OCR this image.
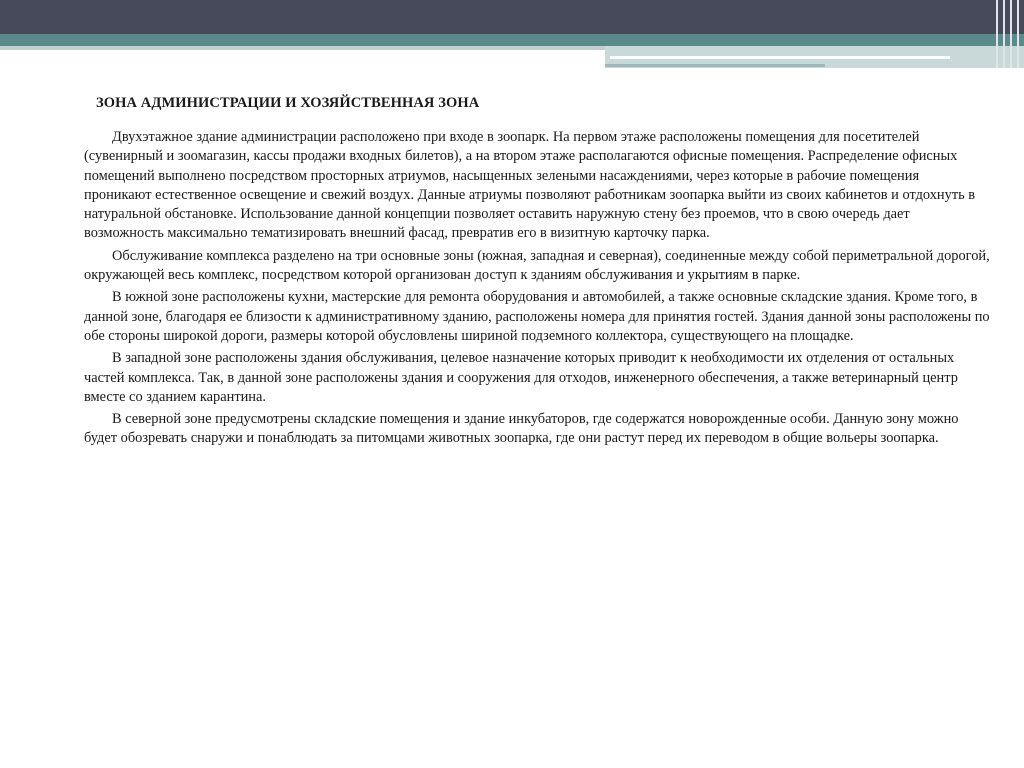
ЗОНА АДМИНИСТРАЦИИ И ХОЗЯЙСТВЕННАЯ ЗОНА

Двухэтажное здание администрации расположено при входе в зоопарк. На первом этаже расположены помещения для посетителей (сувенирный и зоомагазин, кассы продажи входных билетов), а на втором этаже располагаются офисные помещения. Распределение офисных помещений выполнено посредством просторных атриумов, насыщенных зелеными насаждениями, через которые в рабочие помещения проникают естественное освещение и свежий воздух. Данные атриумы позволяют работникам зоопарка выйти из своих кабинетов и отдохнуть в натуральной обстановке. Использование данной концепции позволяет оставить наружную стену без проемов, что в свою очередь дает возможность максимально тематизировать внешний фасад, превратив его в визитную карточку парка.

Обслуживание комплекса разделено на три основные зоны (южная, западная и северная), соединенные между собой периметральной дорогой, окружающей весь комплекс, посредством которой организован доступ к зданиям обслуживания и укрытиям в парке.

В южной зоне расположены кухни, мастерские для ремонта оборудования и автомобилей, а также основные складские здания. Кроме того, в данной зоне, благодаря ее близости к административному зданию, расположены номера для принятия гостей. Здания данной зоны расположены по обе стороны широкой дороги, размеры которой обусловлены шириной подземного коллектора, существующего на площадке.

В западной зоне расположены здания обслуживания, целевое назначение которых приводит к необходимости их отделения от остальных частей комплекса. Так, в данной зоне расположены здания и сооружения для отходов, инженерного обеспечения, а также ветеринарный центр вместе со зданием карантина.

В северной зоне предусмотрены складские помещения и здание инкубаторов, где содержатся новорожденные особи. Данную зону можно будет обозревать снаружи и понаблюдать за питомцами животных зоопарка, где они растут перед их переводом в общие вольеры зоопарка.
